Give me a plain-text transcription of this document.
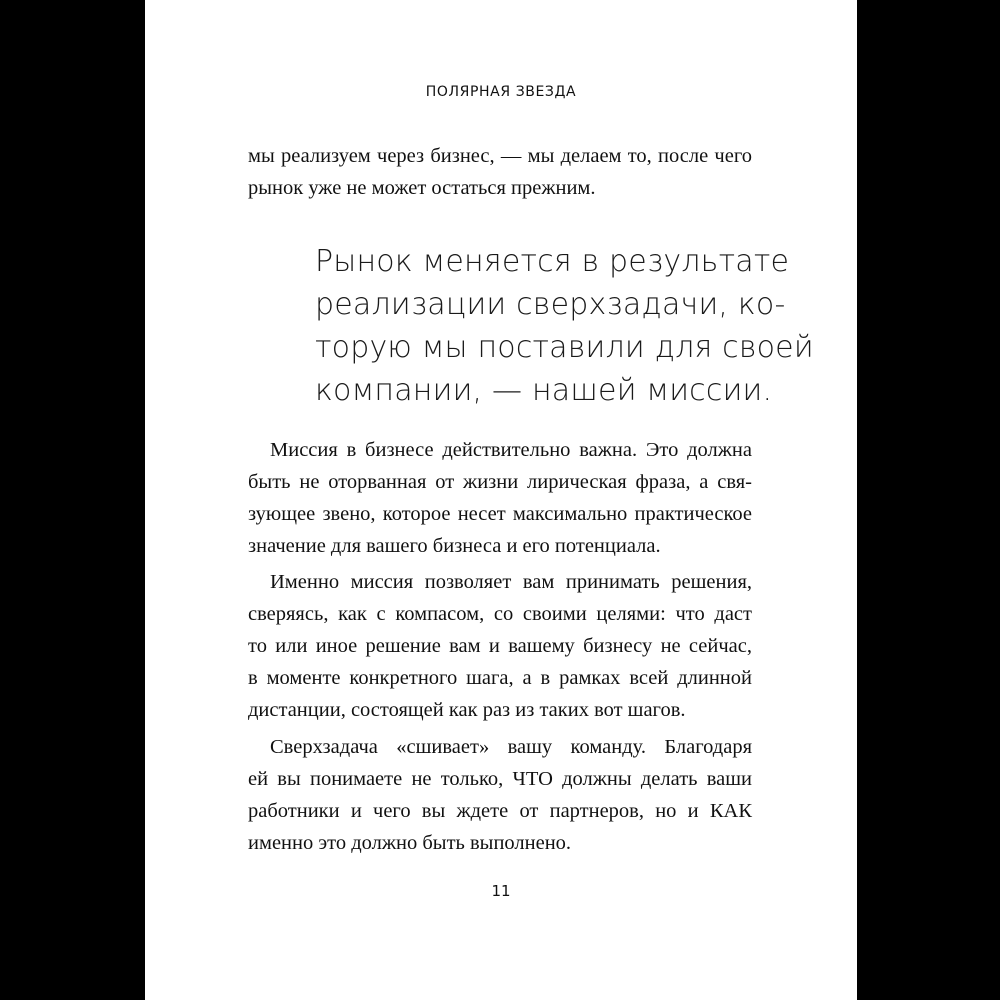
ПОЛЯРНАЯ ЗВЕЗДА
мы реализуем через бизнес, — мы делаем то, после чего
рынок уже не может остаться прежним.
Рынок меняется в результате
реализации сверхзадачи, ко-
торую мы поставили для своей
компании, — нашей миссии.
Миссия в бизнесе действительно важна. Это должна
быть не оторванная от жизни лирическая фраза, а свя-
зующее звено, которое несет максимально практическое
значение для вашего бизнеса и его потенциала.
Именно миссия позволяет вам принимать решения,
сверяясь, как с компасом, со своими целями: что даст
то или иное решение вам и вашему бизнесу не сейчас,
в моменте конкретного шага, а в рамках всей длинной
дистанции, состоящей как раз из таких вот шагов.
Сверхзадача «сшивает» вашу команду. Благодаря
ей вы понимаете не только, ЧТО должны делать ваши
работники и чего вы ждете от партнеров, но и КАК
именно это должно быть выполнено.
11
